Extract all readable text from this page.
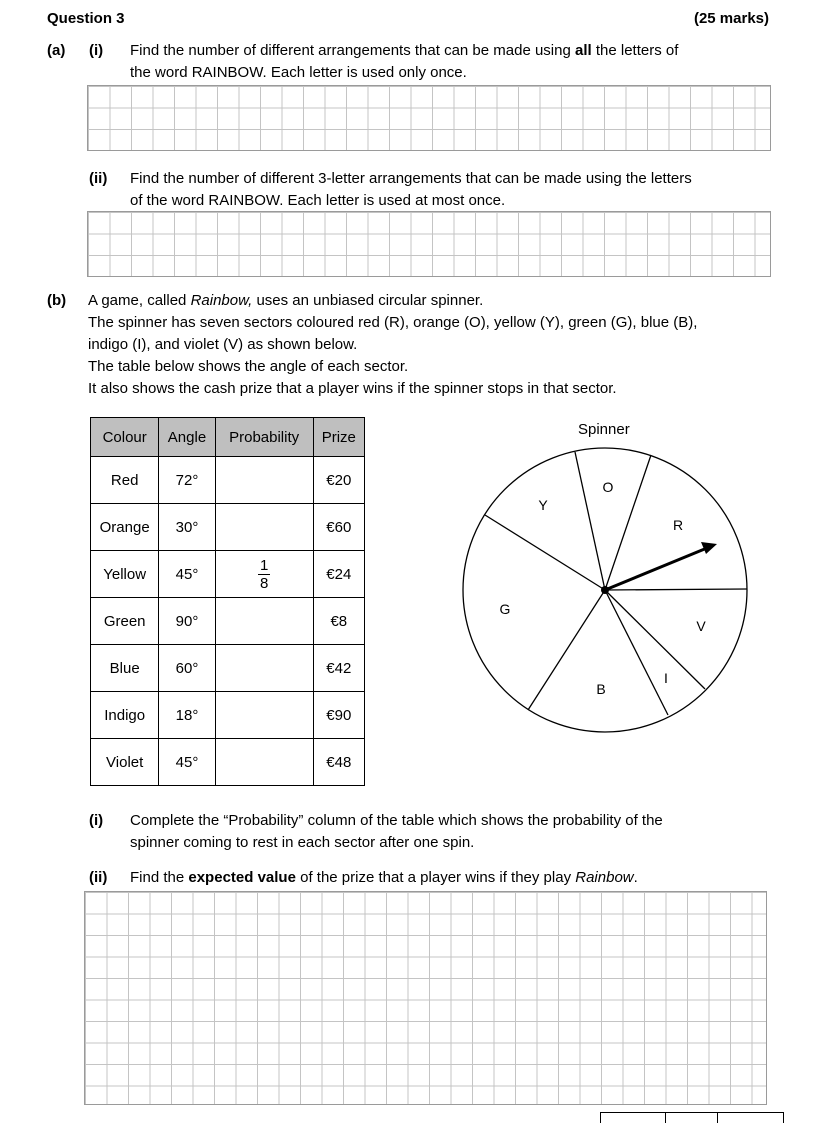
Question 3	(25 marks)
(a) (i) Find the number of different arrangements that can be made using all the letters of
the word RAINBOW. Each letter is used only once.
(ii) Find the number of different 3-letter arrangements that can be made using the letters
of the word RAINBOW. Each letter is used at most once.
(b) A game, called Rainbow, uses an unbiased circular spinner.
The spinner has seven sectors coloured red (R), orange (O), yellow (Y), green (G), blue (B),
indigo (I), and violet (V) as shown below.
The table below shows the angle of each sector.
It also shows the cash prize that a player wins if the spinner stops in that sector.
Colour	Angle	Probability	Prize
Red	72°		€20
Orange	30°		€60
Yellow	45°	$\frac{1}{8}$	€24
Green	90°		€8
Blue	60°		€42
Indigo	18°		€90
Violet	45°		€48
Spinner
O
Y
R
G
V
B
I
(i) Complete the “Probability” column of the table which shows the probability of the
spinner coming to rest in each sector after one spin.
(ii) Find the expected value of the prize that a player wins if they play Rainbow.
